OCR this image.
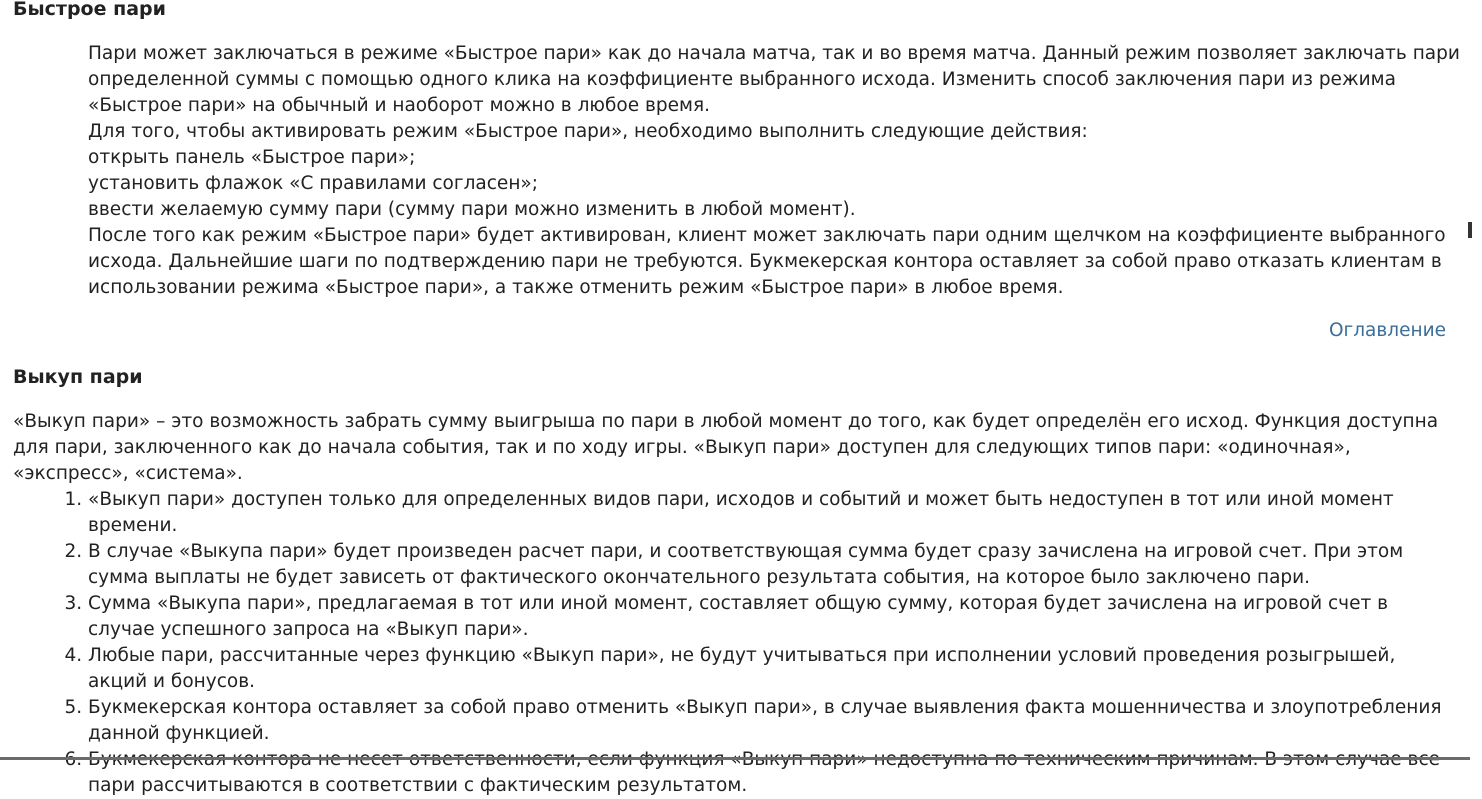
Быстрое пари

Пари может заключаться в режиме «Быстрое пари» как до начала матча, так и во время матча. Данный режим позволяет заключать пари определенной суммы с помощью одного клика на коэффициенте выбранного исхода. Изменить способ заключения пари из режима «Быстрое пари» на обычный и наоборот можно в любое время.

Для того, чтобы активировать режим «Быстрое пари», необходимо выполнить следующие действия:

открыть панель «Быстрое пари»;

установить флажок «С правилами согласен»;

ввести желаемую сумму пари (сумму пари можно изменить в любой момент).

После того как режим «Быстрое пари» будет активирован, клиент может заключать пари одним щелчком на коэффициенте выбранного исхода. Дальнейшие шаги по подтверждению пари не требуются. Букмекерская контора оставляет за собой право отказать клиентам в использовании режима «Быстрое пари», а также отменить режим «Быстрое пари» в любое время.

Оглавление
Выкуп пари

«Выкуп пари» – это возможность забрать сумму выигрыша по пари в любой момент до того, как будет определён его исход. Функция доступна для пари, заключенного как до начала события, так и по ходу игры. «Выкуп пари» доступен для следующих типов пари: «одиночная», «экспресс», «система».

1. «Выкуп пари» доступен только для определенных видов пари, исходов и событий и может быть недоступен в тот или иной момент времени.
2. В случае «Выкупа пари» будет произведен расчет пари, и соответствующая сумма будет сразу зачислена на игровой счет. При этом сумма выплаты не будет зависеть от фактического окончательного результата события, на которое было заключено пари.
3. Сумма «Выкупа пари», предлагаемая в тот или иной момент, составляет общую сумму, которая будет зачислена на игровой счет в случае успешного запроса на «Выкуп пари».
4. Любые пари, рассчитанные через функцию «Выкуп пари», не будут учитываться при исполнении условий проведения розыгрышей, акций и бонусов.
5. Букмекерская контора оставляет за собой право отменить «Выкуп пари», в случае выявления факта мошенничества и злоупотребления данной функцией.
6. пари рассчитываются в соответствии с фактическим результатом.
